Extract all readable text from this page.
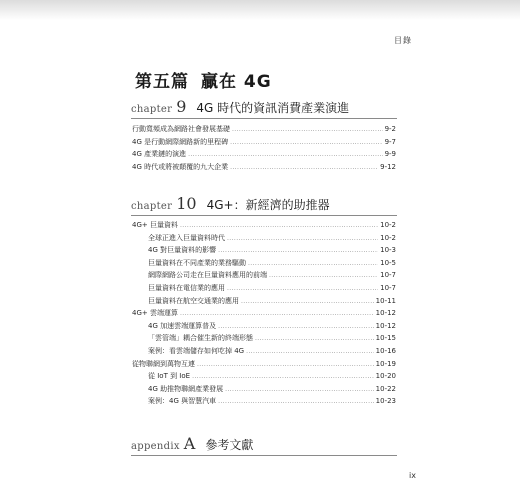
目錄
第五篇 贏在 4G
chapter 9 4G 時代的資訊消費產業演進
行動寬頻成為網路社會發展基礎 .....	9-2
4G 是行動網際網路新的里程碑 .....	9-7
4G 產業鏈的演進 .....	9-9
4G 時代或將被顛覆的九大企業 .....	9-12
chapter 10 4G+：新經濟的助推器
4G+ 巨量資料 .....	10-2
全球正進入巨量資料時代 .....	10-2
4G 對巨量資料的影響 .....	10-3
巨量資料在不同產業的業務驅動 .....	10-5
網際網路公司走在巨量資料應用的前端 .....	10-7
巨量資料在電信業的應用 .....	10-7
巨量資料在航空交通業的應用 .....	10-11
4G+ 雲端運算 .....	10-12
4G 加速雲端運算普及 .....	10-12
「雲管端」耦合催生新的終端形態 .....	10-15
案例：看雲端儲存如何吃掉 4G .....	10-16
從物聯網到萬物互連 .....	10-19
從 IoT 到 IoE .....	10-20
4G 助推物聯網產業發展 .....	10-22
案例：4G 與智慧汽車 .....	10-23
appendix A 參考文獻
ix
